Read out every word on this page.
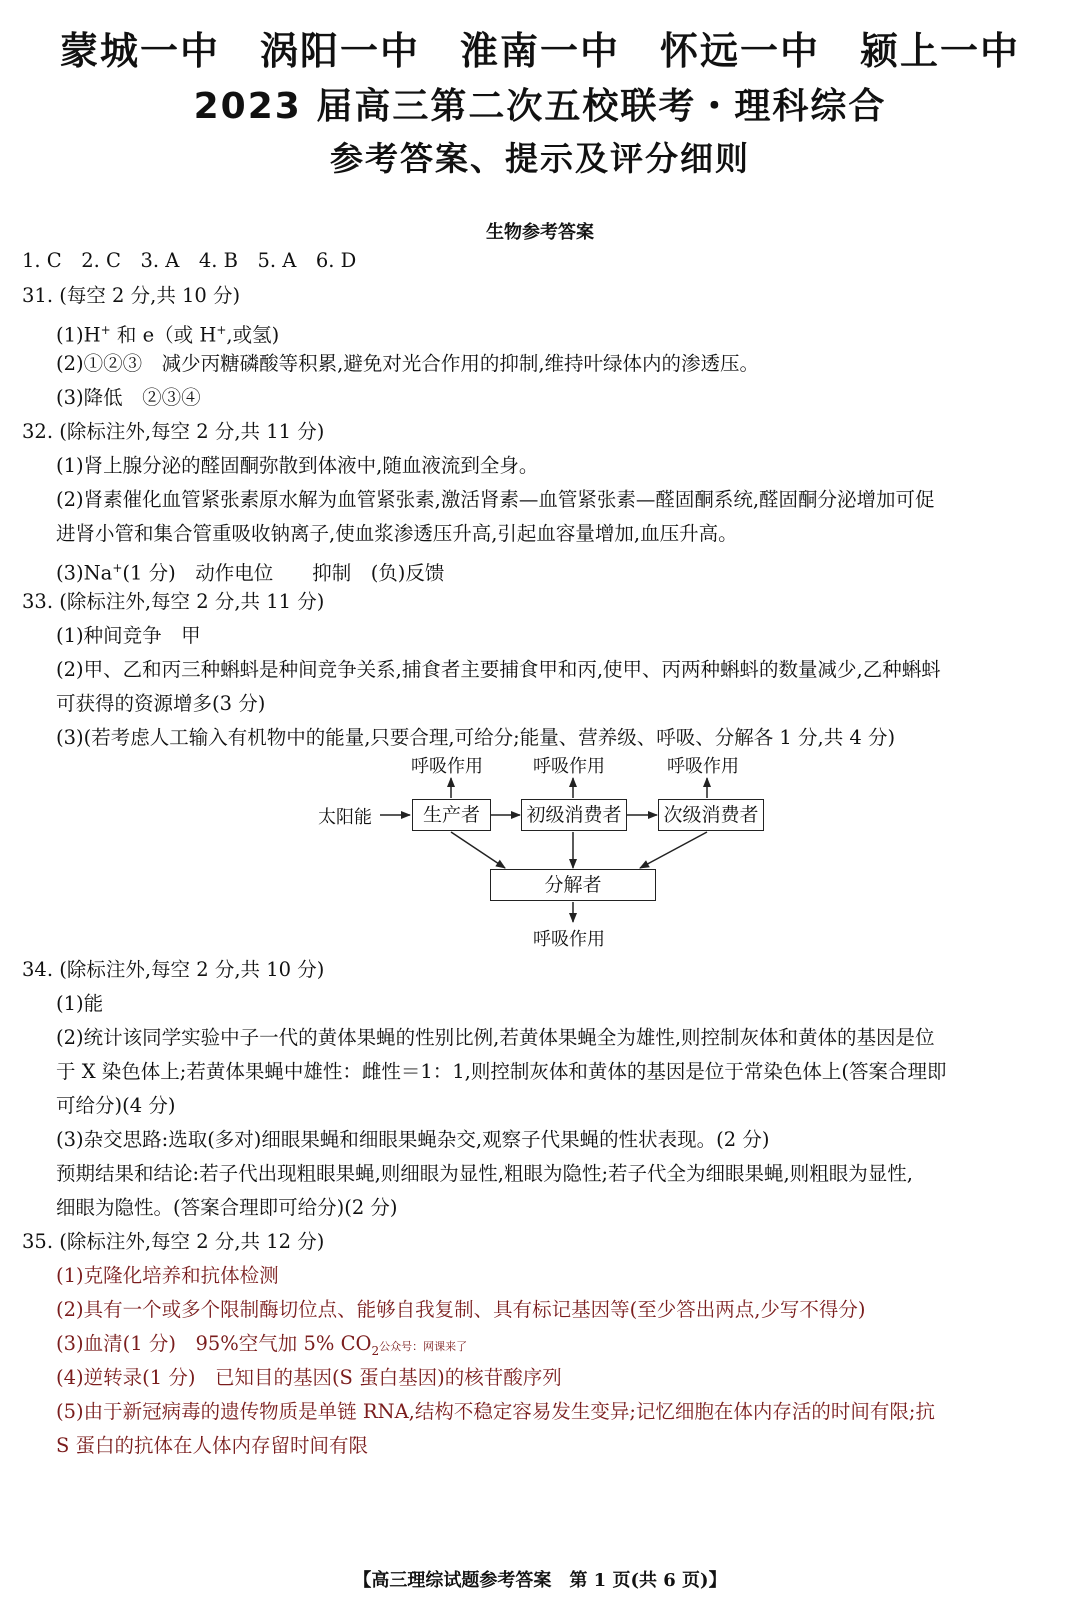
蒙城一中　涡阳一中　淮南一中　怀远一中　颍上一中
2023 届高三第二次五校联考・理科综合
参考答案、提示及评分细则
生物参考答案
1. C　2. C　3. A　4. B　5. A　6. D
31. (每空 2 分,共 10 分)
(1)H+ 和 e（或 H+,或氢)
(2)①②③　减少丙糖磷酸等积累,避免对光合作用的抑制,维持叶绿体内的渗透压。
(3)降低　②③④
32. (除标注外,每空 2 分,共 11 分)
(1)肾上腺分泌的醛固酮弥散到体液中,随血液流到全身。
(2)肾素催化血管紧张素原水解为血管紧张素,激活肾素—血管紧张素—醛固酮系统,醛固酮分泌增加可促
进肾小管和集合管重吸收钠离子,使血浆渗透压升高,引起血容量增加,血压升高。
(3)Na+(1 分)　动作电位　　抑制　(负)反馈
33. (除标注外,每空 2 分,共 11 分)
(1)种间竞争　甲
(2)甲、乙和丙三种蝌蚪是种间竞争关系,捕食者主要捕食甲和丙,使甲、丙两种蝌蚪的数量减少,乙种蝌蚪
可获得的资源增多(3 分)
(3)(若考虑人工输入有机物中的能量,只要合理,可给分;能量、营养级、呼吸、分解各 1 分,共 4 分)
呼吸作用	呼吸作用	呼吸作用
太阳能	生产者	初级消费者 次级消费者
分解者
呼吸作用
34. (除标注外,每空 2 分,共 10 分)
(1)能
(2)统计该同学实验中子一代的黄体果蝇的性别比例,若黄体果蝇全为雄性,则控制灰体和黄体的基因是位
于 X 染色体上;若黄体果蝇中雄性：雌性＝1：1,则控制灰体和黄体的基因是位于常染色体上(答案合理即
可给分)(4 分)
(3)杂交思路:选取(多对)细眼果蝇和细眼果蝇杂交,观察子代果蝇的性状表现。(2 分)
预期结果和结论:若子代出现粗眼果蝇,则细眼为显性,粗眼为隐性;若子代全为细眼果蝇,则粗眼为显性,
细眼为隐性。(答案合理即可给分)(2 分)
35. (除标注外,每空 2 分,共 12 分)
(1)克隆化培养和抗体检测
(2)具有一个或多个限制酶切位点、能够自我复制、具有标记基因等(至少答出两点,少写不得分)
(3)血清(1 分)　95%空气加 5% $CO_2$公众号：网课来了
(4)逆转录(1 分)　已知目的基因(S 蛋白基因)的核苷酸序列
(5)由于新冠病毒的遗传物质是单链 RNA,结构不稳定容易发生变异;记忆细胞在体内存活的时间有限;抗
S 蛋白的抗体在人体内存留时间有限
【高三理综试题参考答案　第 1 页(共 6 页)】
